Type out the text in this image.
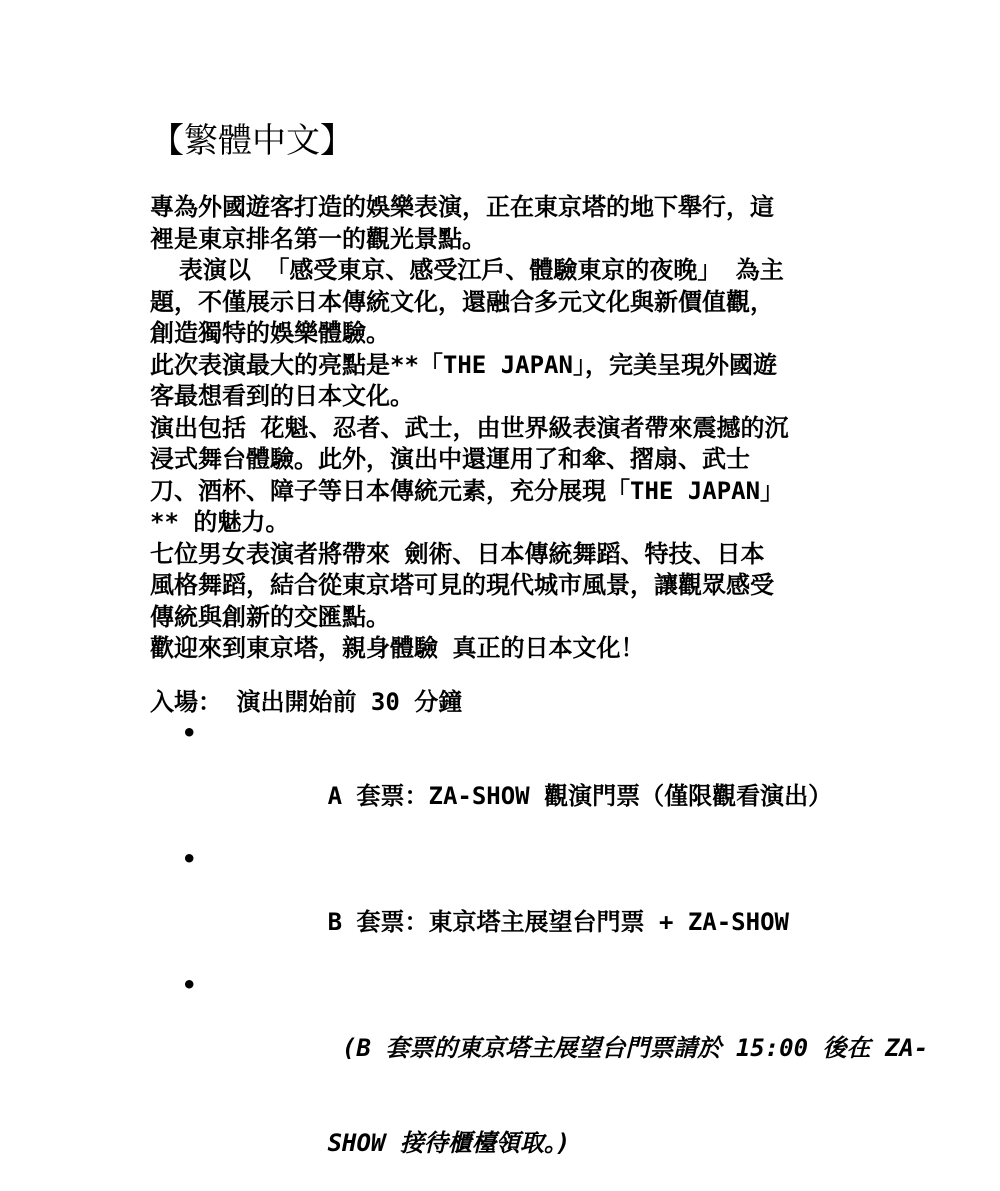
【繁體中文】
專為外國遊客打造的娛樂表演，正在東京塔的地下舉行，這
裡是東京排名第一的觀光景點。
表演以 「感受東京、感受江戶、體驗東京的夜晚」 為主
題，不僅展示日本傳統文化，還融合多元文化與新價值觀，
創造獨特的娛樂體驗。
此次表演最大的亮點是**「THE JAPAN」，完美呈現外國遊
客最想看到的日本文化。
演出包括 花魁、忍者、武士，由世界級表演者帶來震撼的沉
浸式舞台體驗。此外，演出中還運用了和傘、摺扇、武士
刀、酒杯、障子等日本傳統元素，充分展現「THE JAPAN」
** 的魅力。
七位男女表演者將帶來 劍術、日本傳統舞蹈、特技、日本
風格舞蹈，結合從東京塔可見的現代城市風景，讓觀眾感受
傳統與創新的交匯點。
歡迎來到東京塔，親身體驗 真正的日本文化！
入場： 演出開始前 30 分鐘

•

A 套票：ZA-SHOW 觀演門票（僅限觀看演出）

•

B 套票：東京塔主展望台門票 + ZA-SHOW

•

(B 套票的東京塔主展望台門票請於 15:00 後在 ZA-

SHOW 接待櫃檯領取。)
